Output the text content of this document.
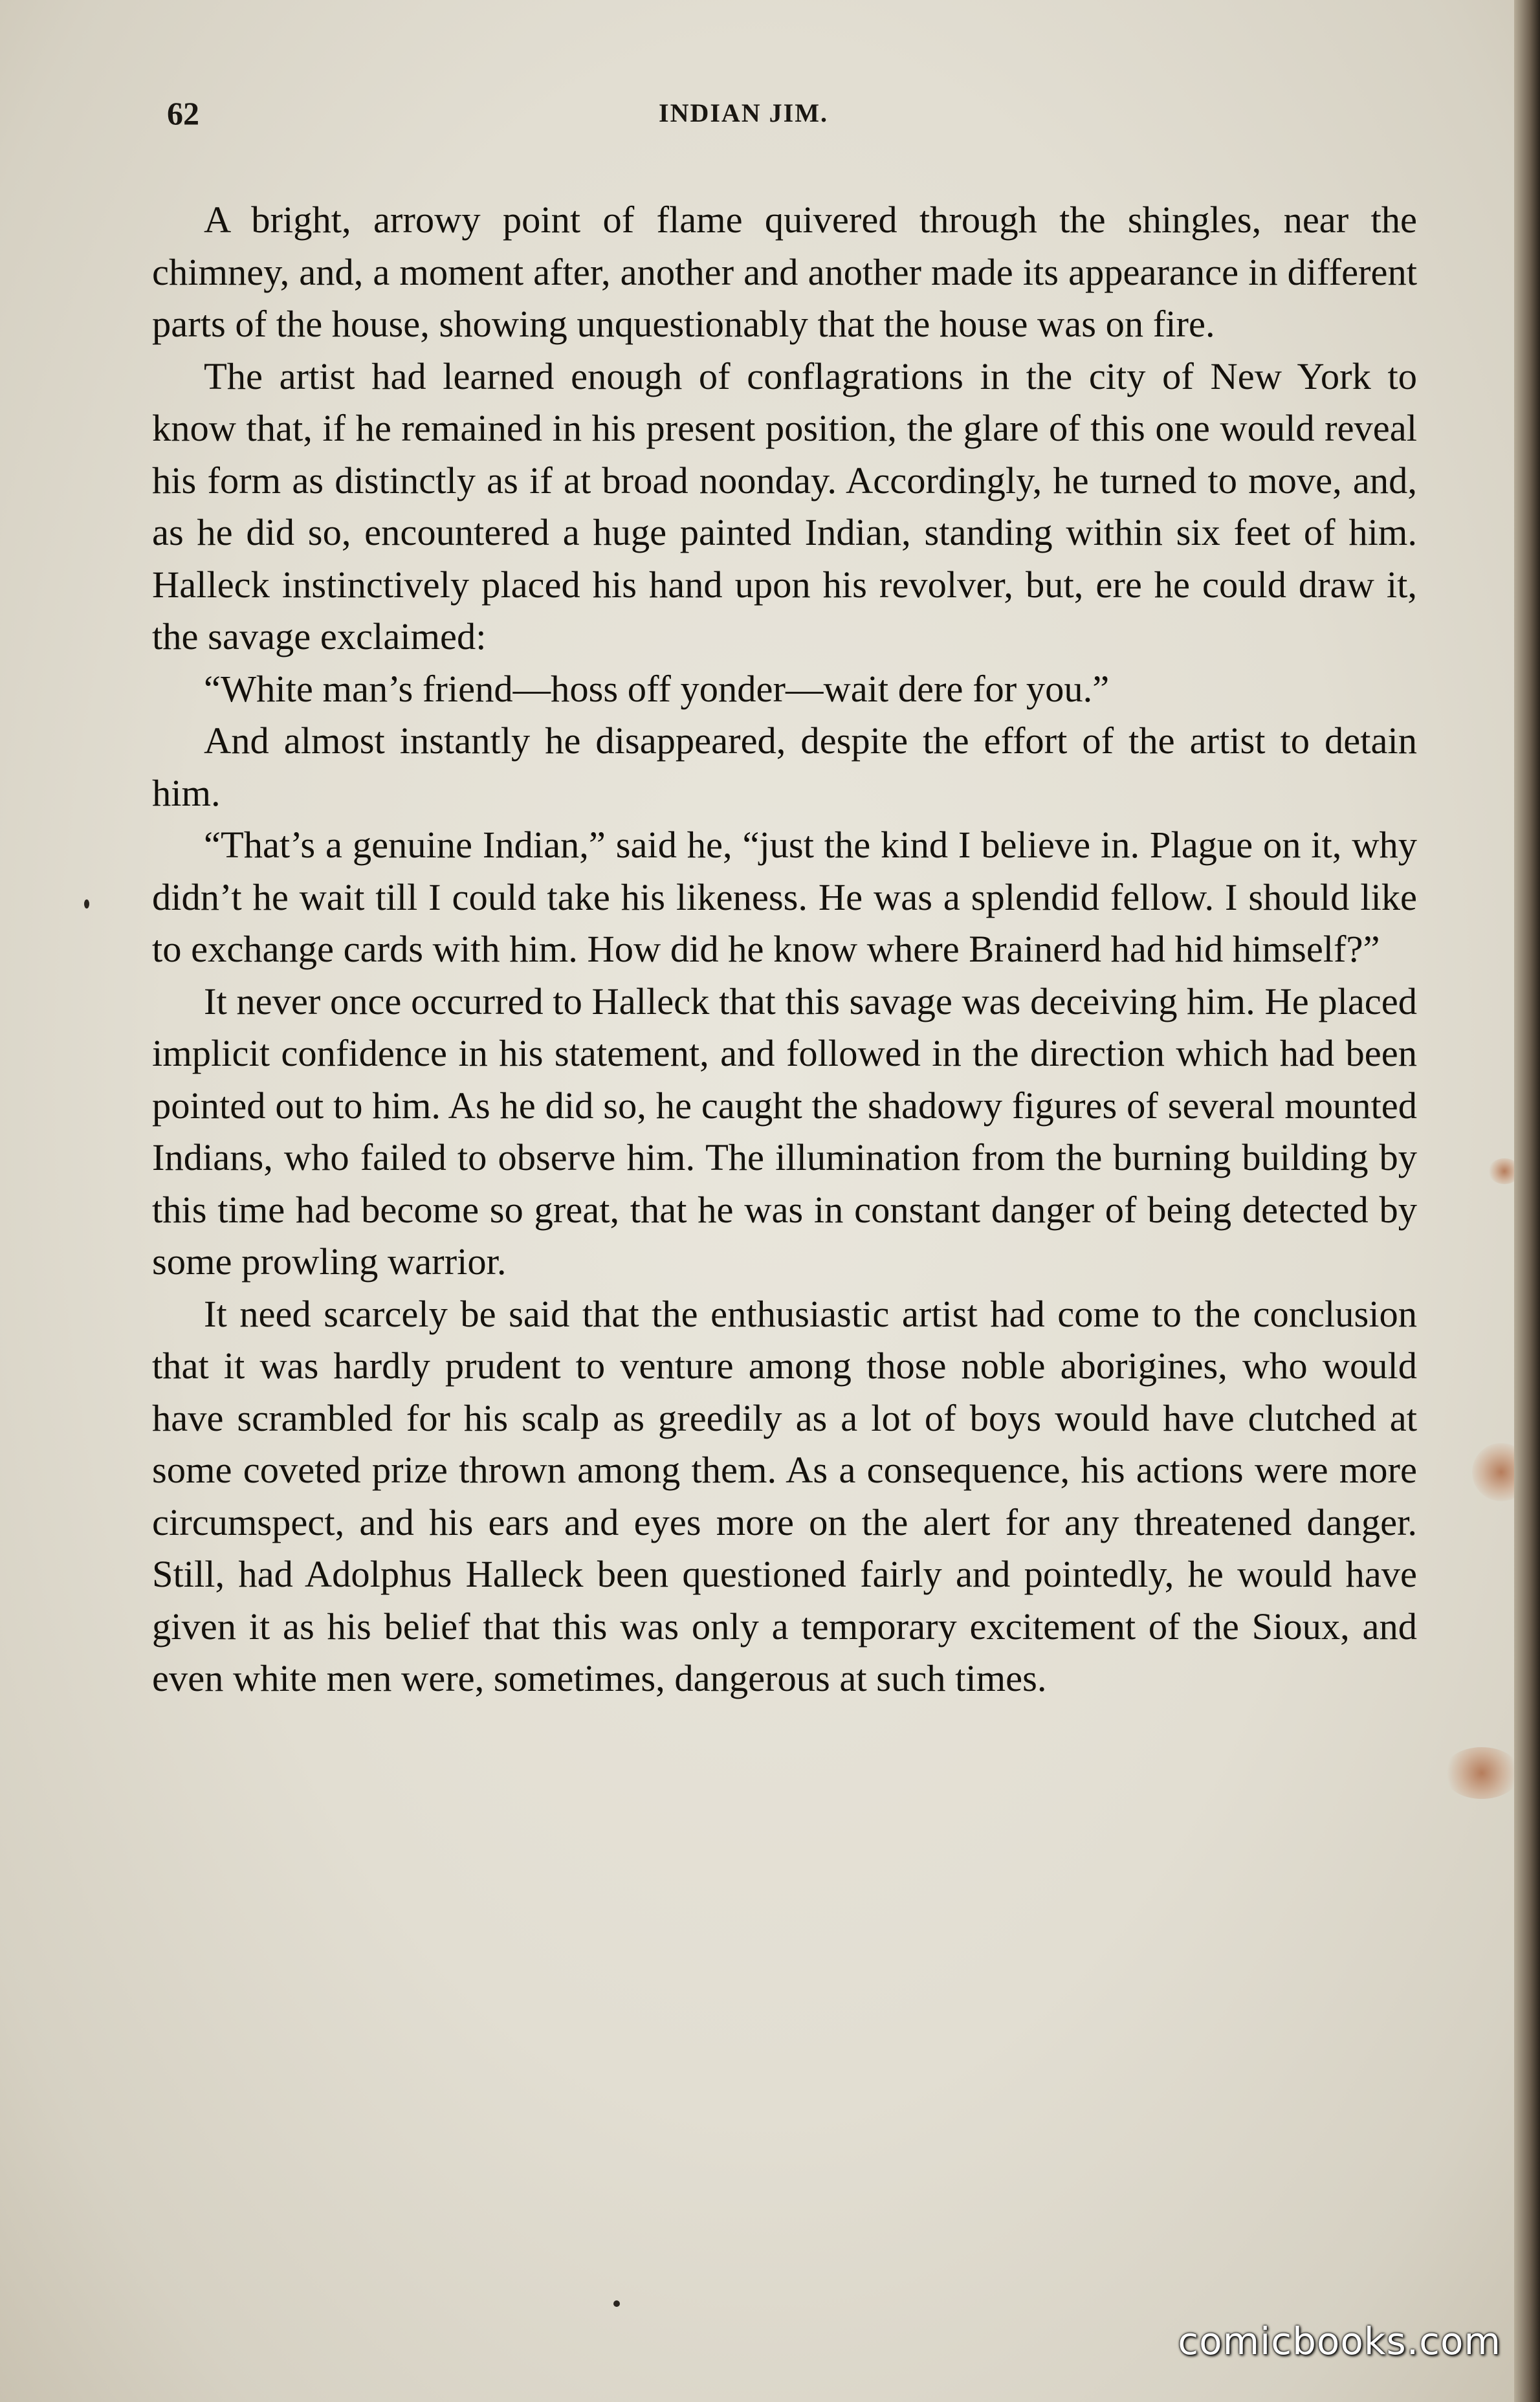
62	INDIAN JIM.

A bright, arrowy point of flame quivered through the shingles, near the chimney, and, a moment after, another and another made its appearance in different parts of the house, showing unquestionably that the house was on fire.

The artist had learned enough of conflagrations in the city of New York to know that, if he remained in his present position, the glare of this one would reveal his form as distinctly as if at broad noonday. Accordingly, he turned to move, and, as he did so, encountered a huge painted Indian, standing within six feet of him. Halleck instinctively placed his hand upon his revolver, but, ere he could draw it, the savage exclaimed:

“White man’s friend—hoss off yonder—wait dere for you.”

And almost instantly he disappeared, despite the effort of the artist to detain him.

“That’s a genuine Indian,” said he, “just the kind I believe in. Plague on it, why didn’t he wait till I could take his likeness. He was a splendid fellow. I should like to exchange cards with him. How did he know where Brainerd had hid himself?”

It never once occurred to Halleck that this savage was deceiving him. He placed implicit confidence in his statement, and followed in the direction which had been pointed out to him. As he did so, he caught the shadowy figures of several mounted Indians, who failed to observe him. The illumination from the burning building by this time had become so great, that he was in constant danger of being detected by some prowling warrior.

It need scarcely be said that the enthusiastic artist had come to the conclusion that it was hardly prudent to venture among those noble aborigines, who would have scrambled for his scalp as greedily as a lot of boys would have clutched at some coveted prize thrown among them. As a consequence, his actions were more circumspect, and his ears and eyes more on the alert for any threatened danger. Still, had Adolphus Halleck been questioned fairly and pointedly, he would have given it as his belief that this was only a temporary excitement of the Sioux, and even white men were, sometimes, dangerous at such times.

comicbooks.com
